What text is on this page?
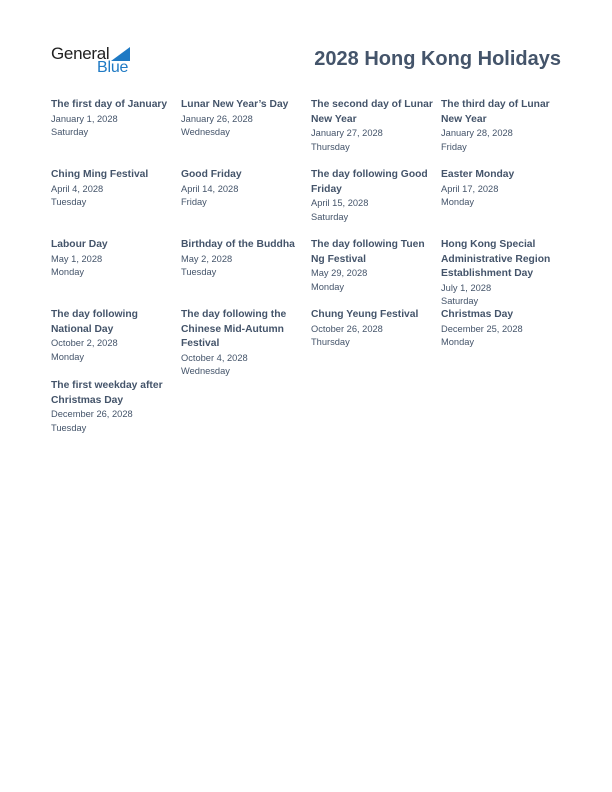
General
Blue	2028 Hong Kong Holidays
The first day of January
January 1, 2028
Saturday
Lunar New Year’s Day
January 26, 2028
Wednesday
The second day of Lunar New Year
January 27, 2028
Thursday
The third day of Lunar New Year
January 28, 2028
Friday
Ching Ming Festival
April 4, 2028
Tuesday
Good Friday
April 14, 2028
Friday
The day following Good Friday
April 15, 2028
Saturday
Easter Monday
April 17, 2028
Monday
Labour Day
May 1, 2028
Monday
Birthday of the Buddha
May 2, 2028
Tuesday
The day following Tuen Ng Festival
May 29, 2028
Monday
Hong Kong Special Administrative Region Establishment Day
July 1, 2028
Saturday
The day following National Day
October 2, 2028
Monday
The day following the Chinese Mid-Autumn Festival
October 4, 2028
Wednesday
Chung Yeung Festival
October 26, 2028
Thursday
Christmas Day
December 25, 2028
Monday
The first weekday after Christmas Day
December 26, 2028
Tuesday
